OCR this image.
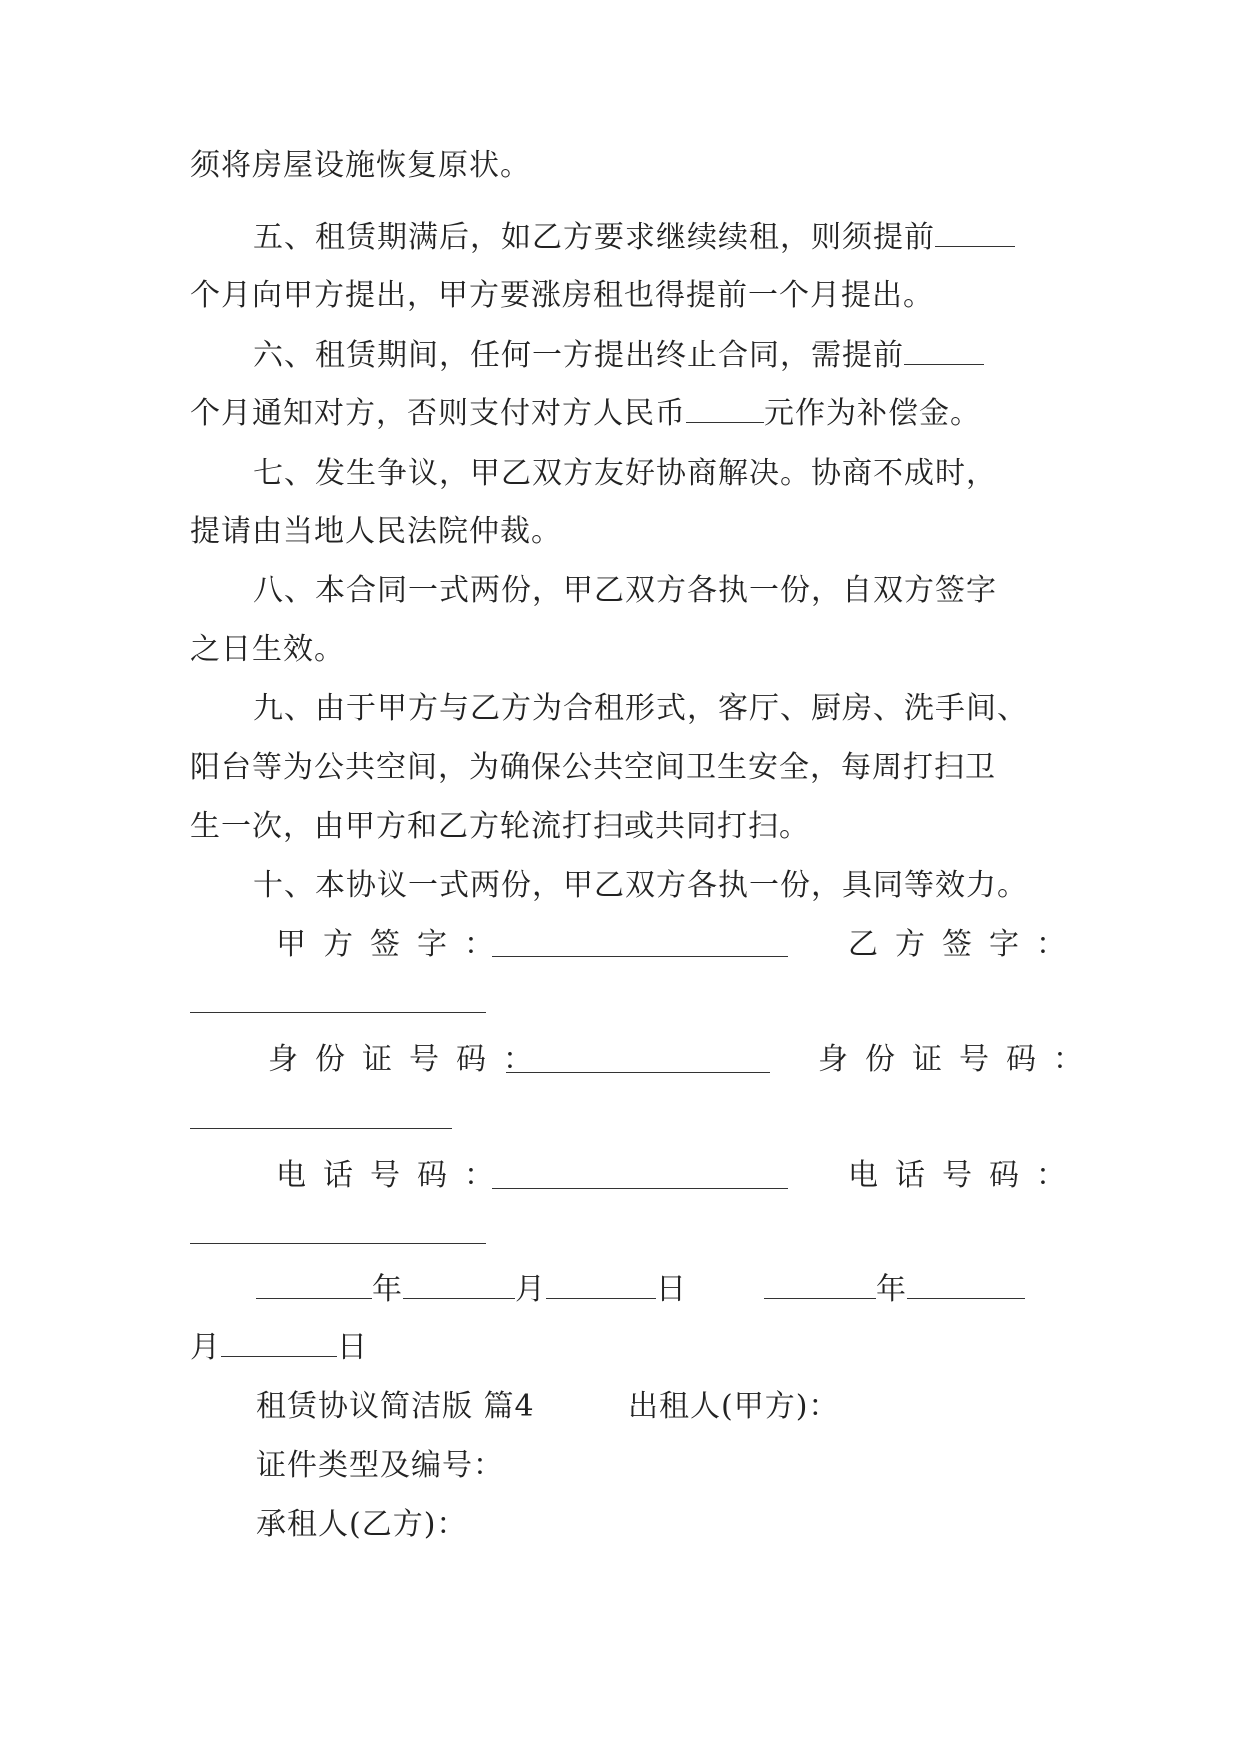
须将房屋设施恢复原状。
五、租赁期满后，如乙方要求继续续租，则须提前
个月向甲方提出，甲方要涨房租也得提前一个月提出。
六、租赁期间，任何一方提出终止合同，需提前
个月通知对方，否则支付对方人民币	元作为补偿金。
七、发生争议，甲乙双方友好协商解决。协商不成时，
提请由当地人民法院仲裁。
八、本合同一式两份，甲乙双方各执一份，自双方签字
之日生效。
九、由于甲方与乙方为合租形式，客厅、厨房、洗手间、
阳台等为公共空间，为确保公共空间卫生安全，每周打扫卫
生一次，由甲方和乙方轮流打扫或共同打扫。
十、本协议一式两份，甲乙双方各执一份，具同等效力。
甲方签字：	乙方签字：
身份证号码：	身份证号码：
电话号码：	电话号码：
年	月	日	年
月	日
租赁协议简洁版 篇4	出租人(甲方)：
证件类型及编号：
承租人(乙方)：
